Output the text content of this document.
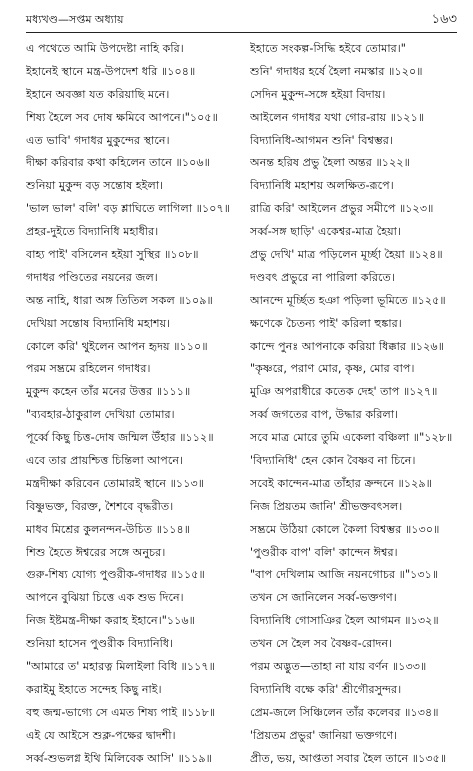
মধ্যখণ্ড—সপ্তম অধ্যায়	১৬৩
এ পথেতে আমি উপদেষ্টা নাহি করি।
ইহানেই স্থানে মন্ত্র-উপদেশ ধরি ॥১০৪॥
ইহানে অবজ্ঞা যত করিয়াছি মনে।
শিষ্য হৈলে সব দোষ ক্ষমিবে আপনে।"১০৫॥
এত ভাবি' গদাধর মুকুন্দের স্থানে।
দীক্ষা করিবার কথা কহিলেন তানে ॥১০৬॥
শুনিয়া মুকুন্দ বড় সন্তোষ হইলা।
'ভাল ভাল' বলি' বড় শ্লাঘিতে লাগিলা ॥১০৭॥
প্রহর-দুইতে বিদ্যানিধি মহাধীর।
বাহ্য পাই' বসিলেন হইয়া সুস্থির ॥১০৮॥
গদাধর পণ্ডিতের নয়নের জল।
অন্ত নাহি, ধারা অঙ্গ তিতিল সকল ॥১০৯॥
দেখিয়া সন্তোষ বিদ্যানিধি মহাশয়।
কোলে করি' থুইলেন আপন হৃদয় ॥১১০॥
পরম সম্ভ্রমে রহিলেন গদাধর।
মুকুন্দ কহেন তাঁর মনের উত্তর ॥১১১॥
"ব্যবহার-ঠাকুরাল দেখিয়া তোমার।
পূর্ব্বে কিছু চিত্ত-দোষ জন্মিল উঁহার ॥১১২॥
এবে তার প্রায়শ্চিত্ত চিন্তিলা আপনে।
মন্ত্রদীক্ষা করিবেন তোমারই স্থানে ॥১১৩॥
বিষ্ণুভক্ত, বিরক্ত, শৈশবে বৃদ্ধরীত।
মাধব মিশ্রের কুলনন্দন-উচিত ॥১১৪॥
শিশু হৈতে ঈশ্বরের সঙ্গে অনুচর।
গুরু-শিষ্য যোগ্য পুণ্ডরীক-গদাধর ॥১১৫॥
আপনে বুঝিয়া চিত্তে এক শুভ দিনে।
নিজ ইষ্টমন্ত্র-দীক্ষা করাহ ইহানে।"১১৬॥
শুনিয়া হাসেন পুণ্ডরীক বিদ্যানিধি।
"আমারে ত' মহারত্ন মিলাইলা বিধি ॥১১৭॥
করাইমু ইহাতে সন্দেহ কিছু নাই।
বহু জন্ম-ভাগ্যে সে এমত শিষ্য পাই ॥১১৮॥
এই যে আইসে শুক্ল-পক্ষের দ্বাদশী।
সর্ব্ব-শুভলগ্ন ইথি মিলিবেক আসি' ॥১১৯॥
ইহাতে সংকল্প-সিদ্ধি হইবে তোমার।"
শুনি' গদাধর হর্ষে হৈলা নমস্কার ॥১২০॥
সেদিন মুকুন্দ-সঙ্গে হইয়া বিদায়।
আইলেন গদাধর যথা গোর-রায় ॥১২১॥
বিদ্যানিধি-আগমন শুনি' বিশ্বম্ভর।
অনন্ত হরিষ প্রভু হৈলা অন্তর ॥১২২॥
বিদ্যানিধি মহাশয় অলক্ষিত-রূপে।
রাত্রি করি' আইলেন প্রভুর সমীপে ॥১২৩॥
সর্ব্ব-সঙ্গ ছাড়ি' একেশ্বর-মাত্র হৈয়া।
প্রভু দেখি' মাত্র পড়িলেন মূর্চ্ছা হৈয়া ॥১২৪॥
দণ্ডবৎ প্রভুরে না পারিলা করিতে।
আনন্দে মূর্চ্ছিত হঞা পড়িলা ভূমিতে ॥১২৫॥
ক্ষণেকে চৈতন্য পাই' করিলা হুঙ্কার।
কান্দে পুনঃ আপনাকে করিয়া ধিক্কার ॥১২৬॥
"কৃষ্ণরে, পরাণ মোর, কৃষ্ণ, মোর বাপ।
মুঞি অপরাধীরে কতেক দেহ' তাপ ॥১২৭॥
সর্ব্ব জগতের বাপ, উদ্ধার করিলা।
সবে মাত্র মোরে তুমি একেলা বঞ্চিলা ॥"১২৮॥
'বিদ্যানিধি' হেন কোন বৈষ্ণব না চিনে।
সবেই কান্দেন-মাত্র তাঁহার ক্রন্দনে ॥১২৯॥
নিজ প্রিয়তম জানি' শ্রীভক্তবৎসল।
সম্ভ্রমে উঠিয়া কোলে কৈলা বিশ্বম্ভর ॥১৩০॥
'পুণ্ডরীক বাপ' বলি' কান্দেন ঈশ্বর।
"বাপ দেখিলাম আজি নয়নগোচর ॥"১৩১॥
তখন সে জানিলেন সর্ব্ব-ভক্তগণ।
বিদ্যানিধি গোসাঞির হৈল আগমন ॥১৩২॥
তখন সে হৈল সব বৈষ্ণব-রোদন।
পরম অদ্ভুত—তাহা না যায় বর্ণন ॥১৩৩॥
বিদ্যানিধি বক্ষে করি' শ্রীগৌরসুন্দর।
প্রেম-জলে সিঞ্চিলেন তাঁর কলেবর ॥১৩৪॥
'প্রিয়তম প্রভুর' জানিয়া ভক্তগণে।
প্রীত, ভয়, আপ্ততা সবার হৈল তানে ॥১৩৫॥
